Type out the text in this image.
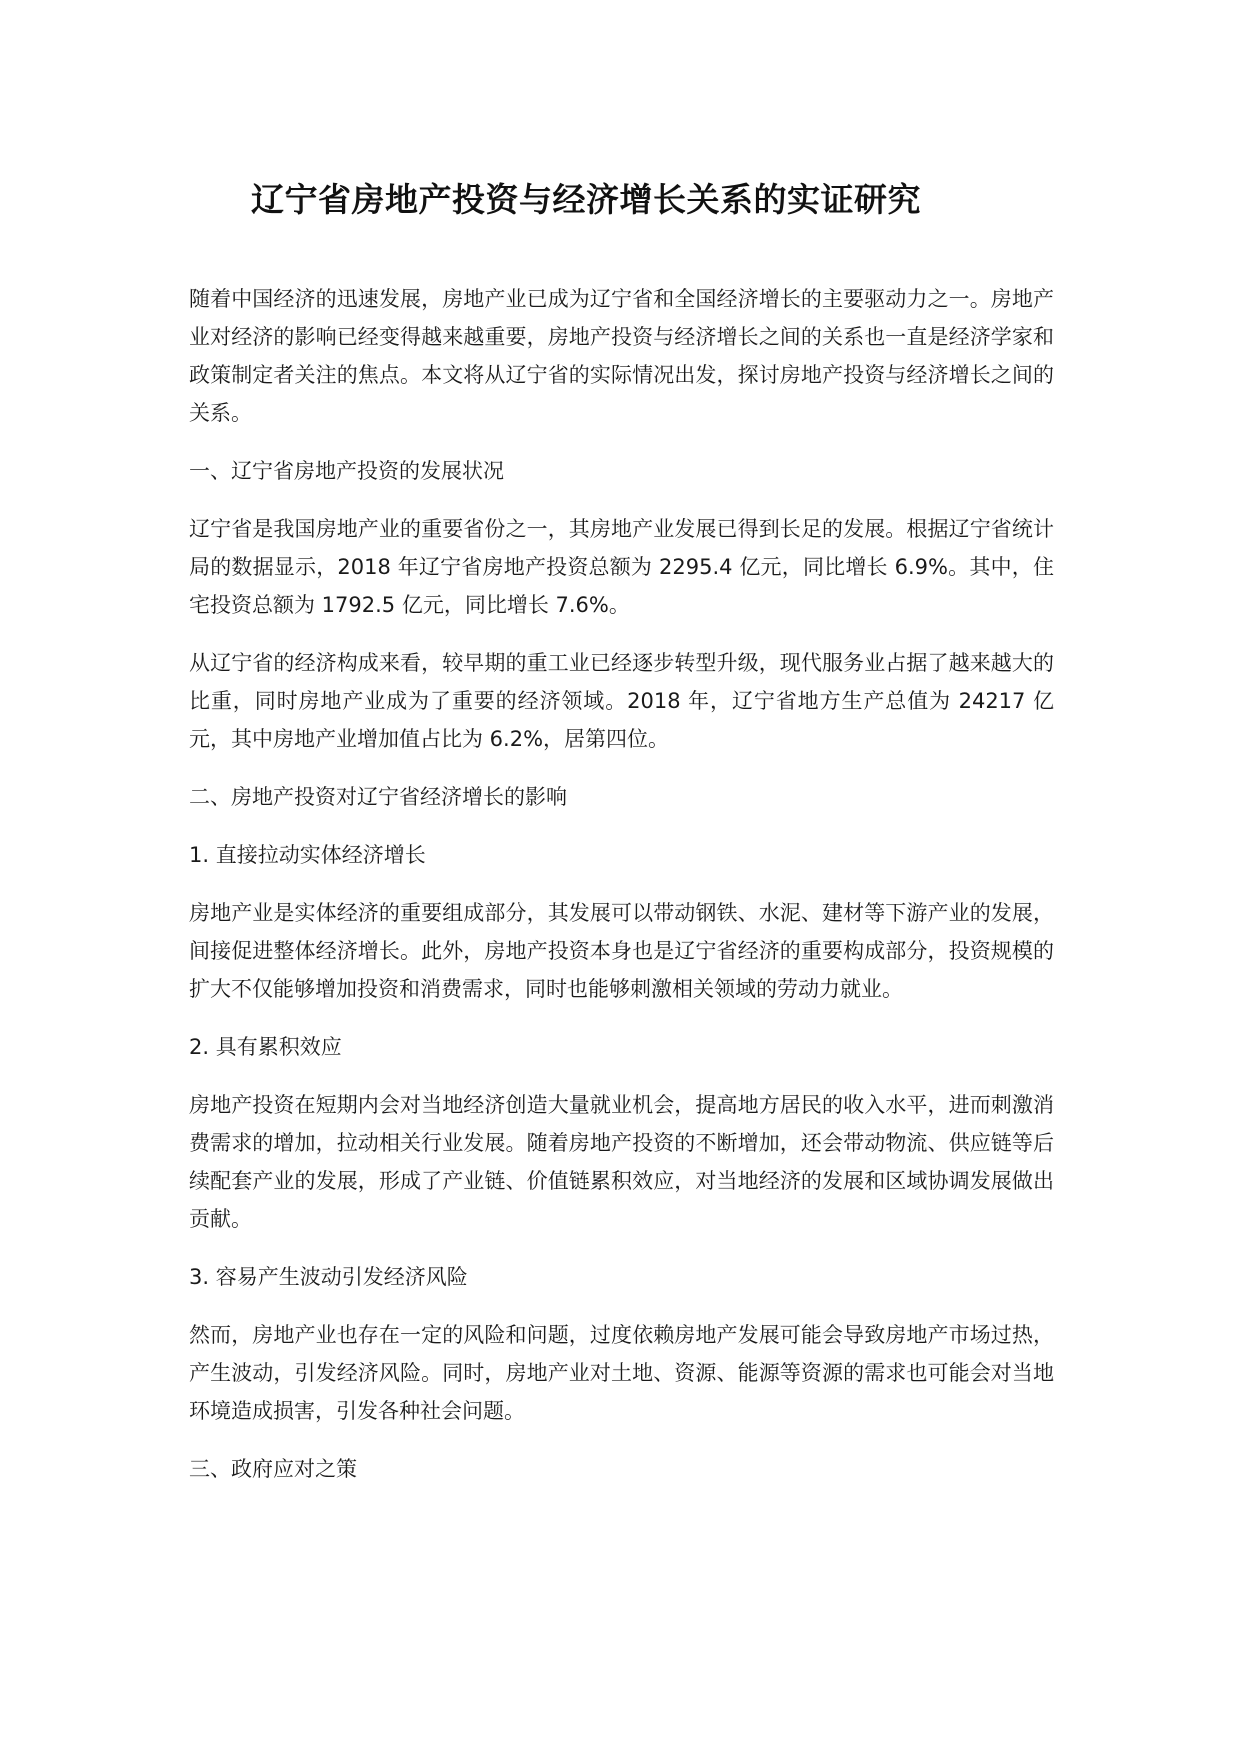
辽宁省房地产投资与经济增长关系的实证研究

随着中国经济的迅速发展，房地产业已成为辽宁省和全国经济增长的主要驱动力之一。房地产业对经济的影响已经变得越来越重要，房地产投资与经济增长之间的关系也一直是经济学家和政策制定者关注的焦点。本文将从辽宁省的实际情况出发，探讨房地产投资与经济增长之间的关系。

一、辽宁省房地产投资的发展状况

辽宁省是我国房地产业的重要省份之一，其房地产业发展已得到长足的发展。根据辽宁省统计局的数据显示，2018 年辽宁省房地产投资总额为 2295.4 亿元，同比增长 6.9%。其中，住宅投资总额为 1792.5 亿元，同比增长 7.6%。

从辽宁省的经济构成来看，较早期的重工业已经逐步转型升级，现代服务业占据了越来越大的比重，同时房地产业成为了重要的经济领域。2018 年，辽宁省地方生产总值为 24217 亿元，其中房地产业增加值占比为 6.2%，居第四位。

二、房地产投资对辽宁省经济增长的影响

1. 直接拉动实体经济增长

房地产业是实体经济的重要组成部分，其发展可以带动钢铁、水泥、建材等下游产业的发展，间接促进整体经济增长。此外，房地产投资本身也是辽宁省经济的重要构成部分，投资规模的扩大不仅能够增加投资和消费需求，同时也能够刺激相关领域的劳动力就业。

2. 具有累积效应

房地产投资在短期内会对当地经济创造大量就业机会，提高地方居民的收入水平，进而刺激消费需求的增加，拉动相关行业发展。随着房地产投资的不断增加，还会带动物流、供应链等后续配套产业的发展，形成了产业链、价值链累积效应，对当地经济的发展和区域协调发展做出贡献。

3. 容易产生波动引发经济风险

然而，房地产业也存在一定的风险和问题，过度依赖房地产发展可能会导致房地产市场过热，产生波动，引发经济风险。同时，房地产业对土地、资源、能源等资源的需求也可能会对当地环境造成损害，引发各种社会问题。

三、政府应对之策
